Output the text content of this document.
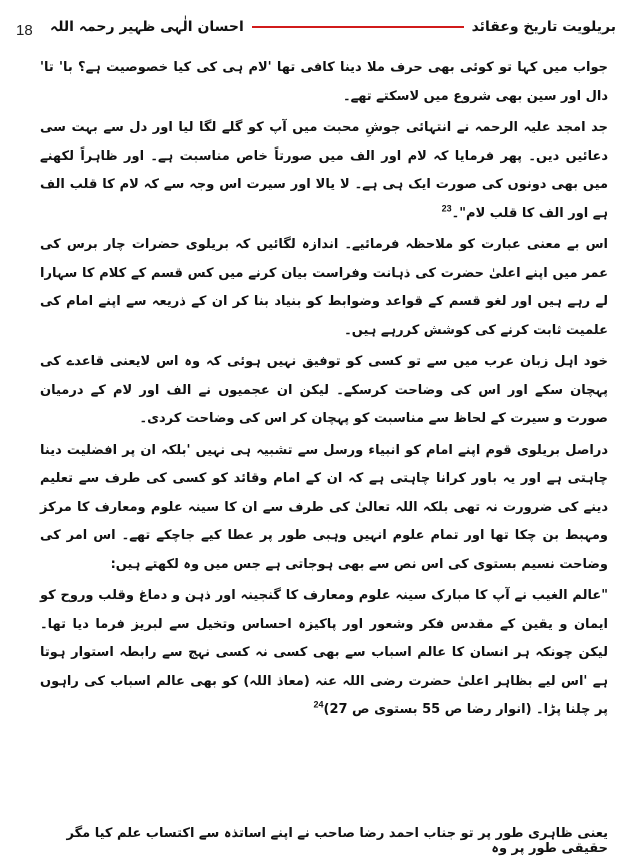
18	بریلویت تاریخ وعقائد
احسان الٰہی ظہیر رحمہ اللہ

جواب میں کہا تو کوئی بھی حرف ملا دینا کافی تھا 'لام ہی کی کیا خصوصیت ہے؟ با' تا' دال اور سین بھی شروع میں لاسکتے تھے۔

جد امجد علیہ الرحمہ نے انتہائی جوشِ محبت میں آپ کو گلے لگا لیا اور دل سے بہت سی دعائیں دیں۔ پھر فرمایا کہ لام اور الف میں صورتاً خاص مناسبت ہے۔ اور ظاہراً لکھنے میں بھی دونوں کی صورت ایک ہی ہے۔ لا یالا اور سیرت اس وجہ سے کہ لام کا قلب الف ہے اور الف کا قلب لام"۔$^{23}$

اس بے معنی عبارت کو ملاحظہ فرمائیے۔ اندازہ لگائیں کہ بریلوی حضرات چار برس کی عمر میں اپنے اعلیٰ حضرت کی ذہانت وفراست بیان کرنے میں کس قسم کے کلام کا سہارا لے رہے ہیں اور لغو قسم کے قواعد وضوابط کو بنیاد بنا کر ان کے ذریعہ سے اپنے امام کی علمیت ثابت کرنے کی کوشش کررہے ہیں۔

خود اہل زبان عرب میں سے تو کسی کو توفیق نہیں ہوئی کہ وہ اس لایعنی قاعدے کی پہچان سکے اور اس کی وضاحت کرسکے۔ لیکن ان عجمیوں نے الف اور لام کے درمیان صورت و سیرت کے لحاظ سے مناسبت کو پہچان کر اس کی وضاحت کردی۔

دراصل بریلوی قوم اپنے امام کو انبیاء ورسل سے تشبیہ ہی نہیں 'بلکہ ان پر افضلیت دینا چاہتی ہے اور یہ باور کرانا چاہتی ہے کہ ان کے امام وقائد کو کسی کی طرف سے تعلیم دینے کی ضرورت نہ تھی بلکہ اللہ تعالیٰ کی طرف سے ان کا سینہ علوم ومعارف کا مرکز ومہبط بن چکا تھا اور تمام علوم انہیں وہبی طور پر عطا کیے جاچکے تھے۔ اس امر کی وضاحت نسیم بستوی کی اس نص سے بھی ہوجاتی ہے جس میں وہ لکھتے ہیں:

"عالم الغیب نے آپ کا مبارک سینہ علوم ومعارف کا گنجینہ اور ذہن و دماغ وقلب وروح کو ایمان و یقین کے مقدس فکر وشعور اور پاکیزہ احساس وتخیل سے لبریز فرما دیا تھا۔ لیکن چونکہ ہر انسان کا عالم اسباب سے بھی کسی نہ کسی نہج سے رابطہ استوار ہوتا ہے 'اس لیے بظاہر اعلیٰ حضرت رضی اللہ عنہ (معاذ اللہ) کو بھی عالم اسباب کی راہوں پر چلنا پڑا۔ (انوار رضا ص 55 بستوی ص 27)$^{24}$

یعنی ظاہری طور پر تو جناب احمد رضا صاحب نے اپنے اساتذہ سے اکتساب علم کیا مگر حقیقی طور پر وہ
